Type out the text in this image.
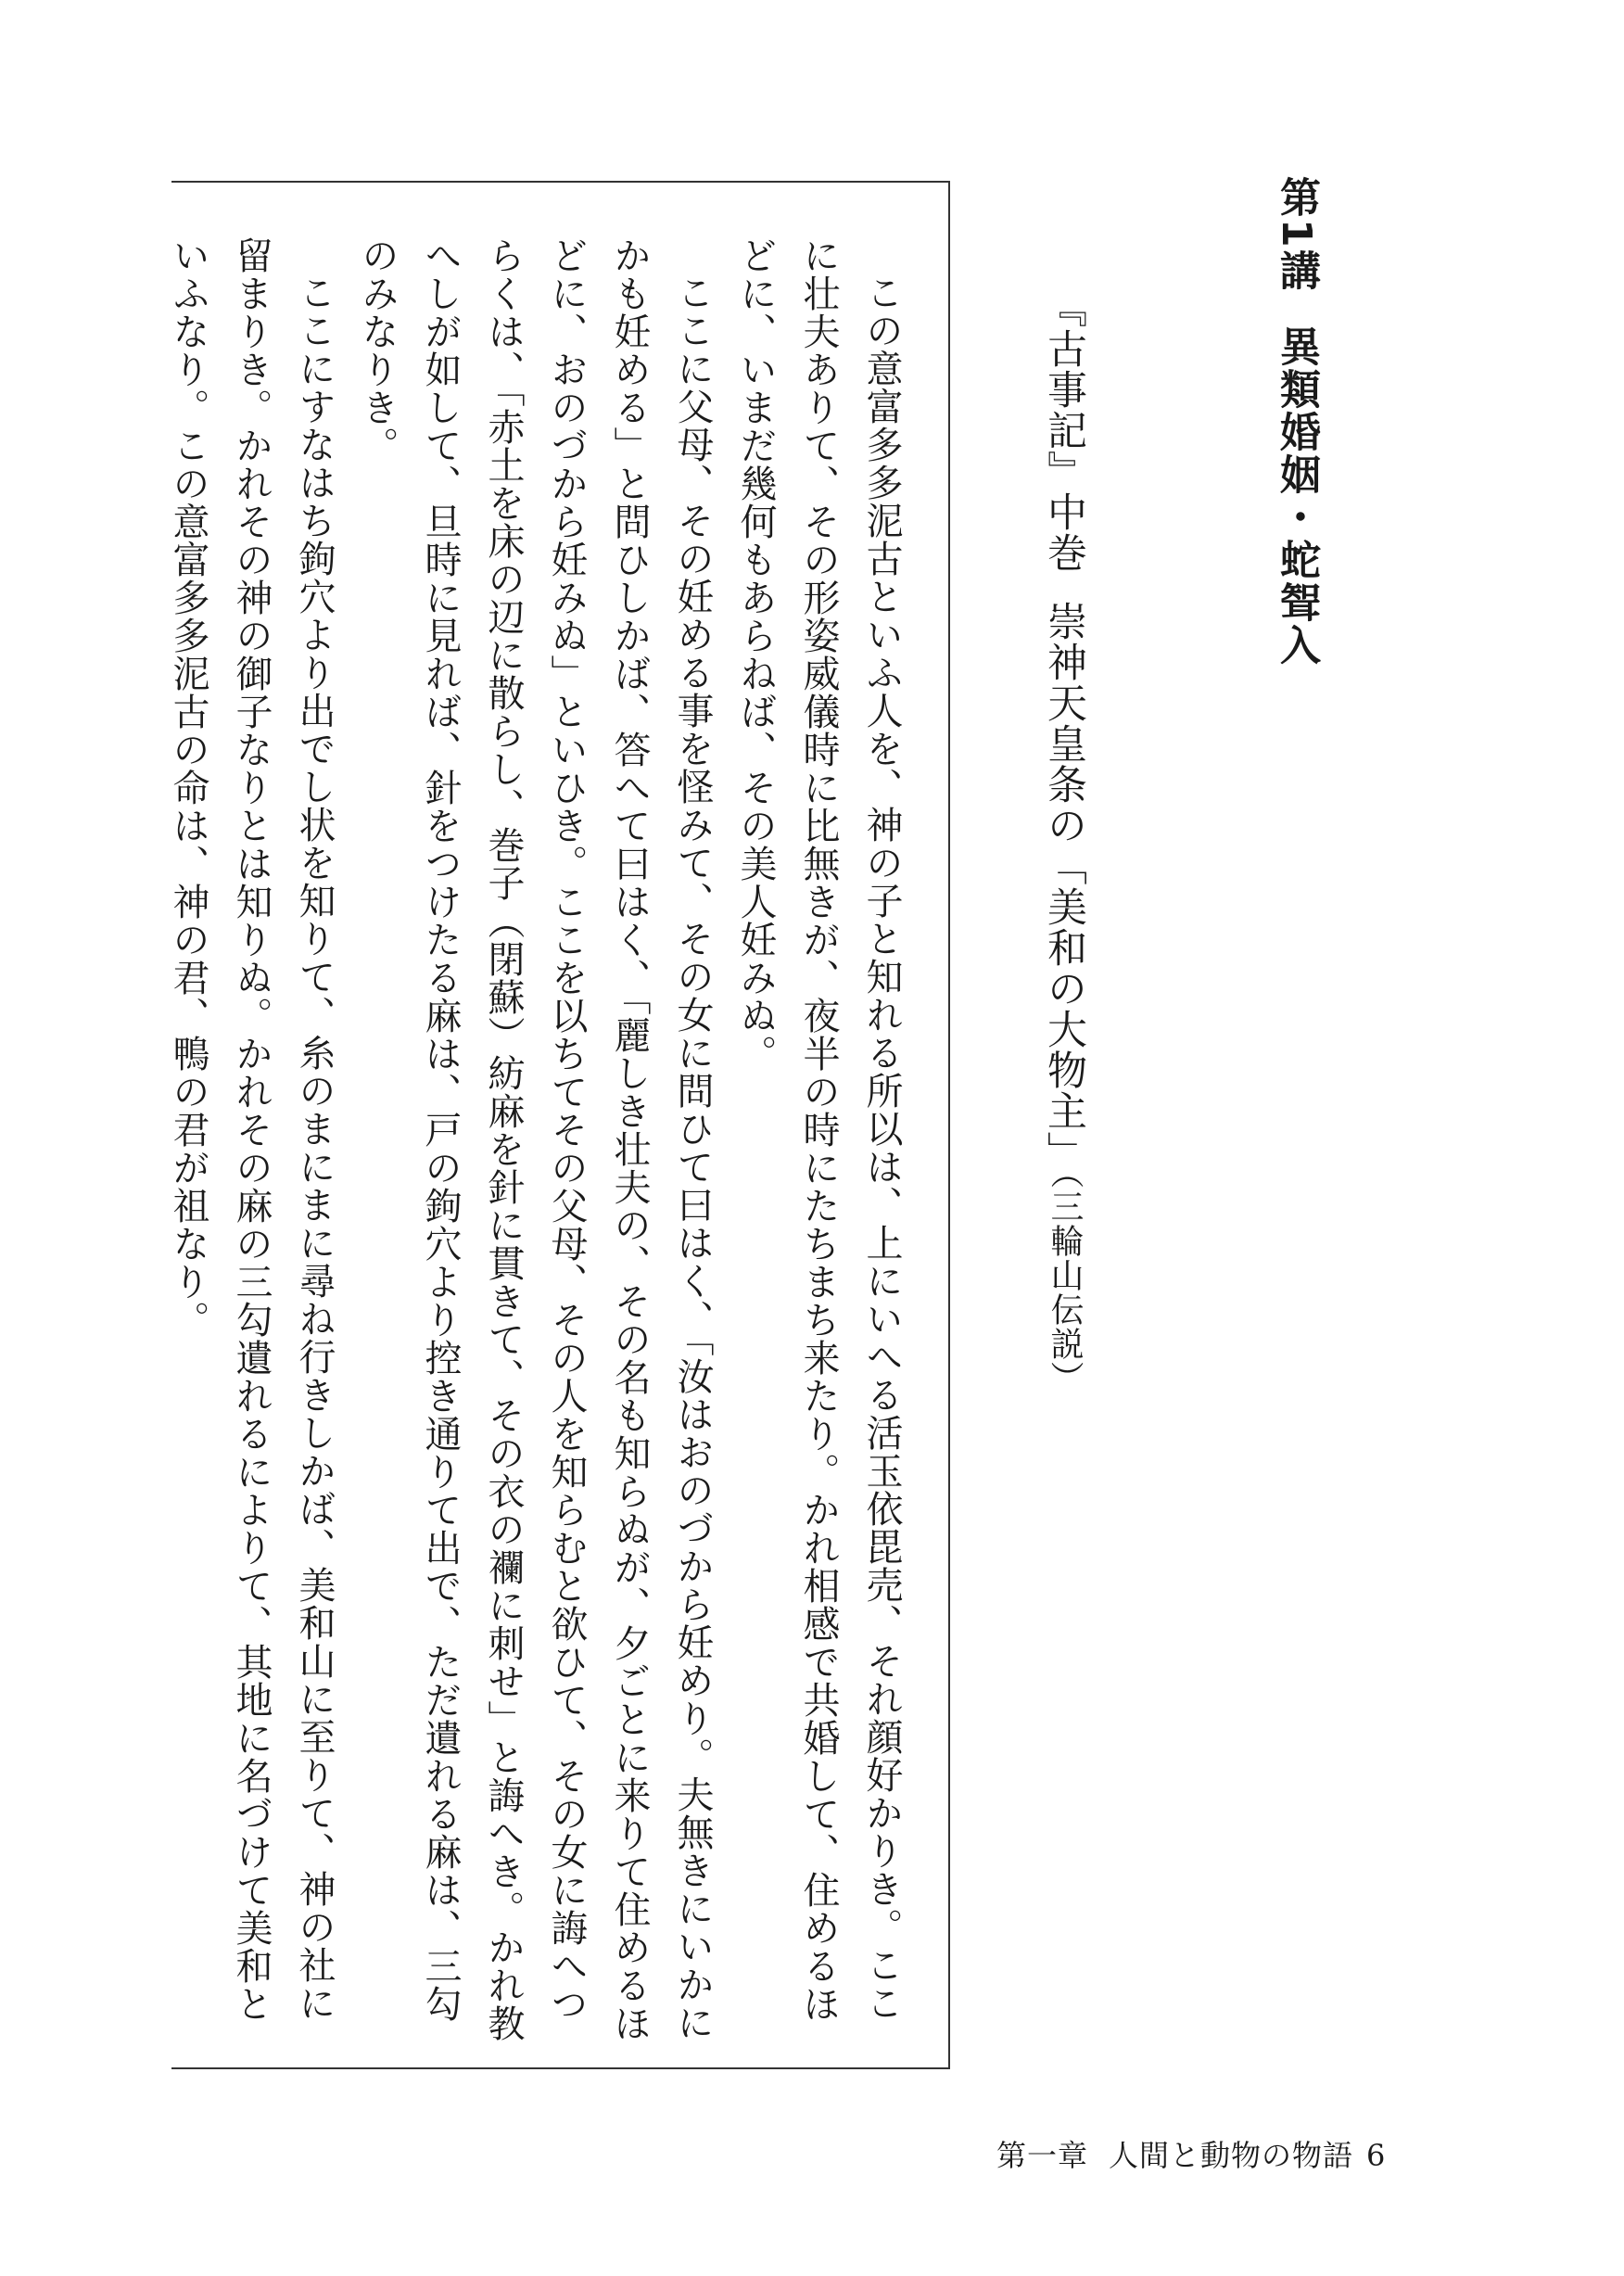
第1講異類婚姻・蛇聟入
『古事記』中巻崇神天皇条の「美和の大物主」（三輪山伝説）

この意富多多泥古といふ人を、神の子と知れる所以は、上にいへる活玉依毘売、それ顔好かりき。ここに壮夫ありて、その形姿威儀時に比無きが、夜半の時にたちまち来たり。かれ相感で共婚して、住めるほどに、いまだ幾何もあらねば、その美人妊みぬ。

ここに父母、その妊める事を怪みて、その女に問ひて曰はく、「汝はおのづから妊めり。夫無きにいかにかも妊める」と問ひしかば、答へて曰はく、「麗しき壮夫の、その名も知らぬが、夕ごとに来りて住めるほどに、おのづから妊みぬ」といひき。ここを以ちてその父母、その人を知らむと欲ひて、その女に誨へつらくは、「赤土を床の辺に散らし、巻子（閉蘇）紡麻を針に貫きて、その衣の襴に刺せ」と誨へき。かれ教へしが如して、旦時に見れば、針をつけたる麻は、戸の鉤穴より控き通りて出で、ただ遺れる麻は、三勾のみなりき。

ここにすなはち鉤穴より出でし状を知りて、糸のまにまに尋ね行きしかば、美和山に至りて、神の社に留まりき。かれその神の御子なりとは知りぬ。かれその麻の三勾遺れるによりて、其地に名づけて美和といふなり。この意富多多泥古の命は、神の君、鴨の君が祖なり。

第一章 人間と動物の物語 6
